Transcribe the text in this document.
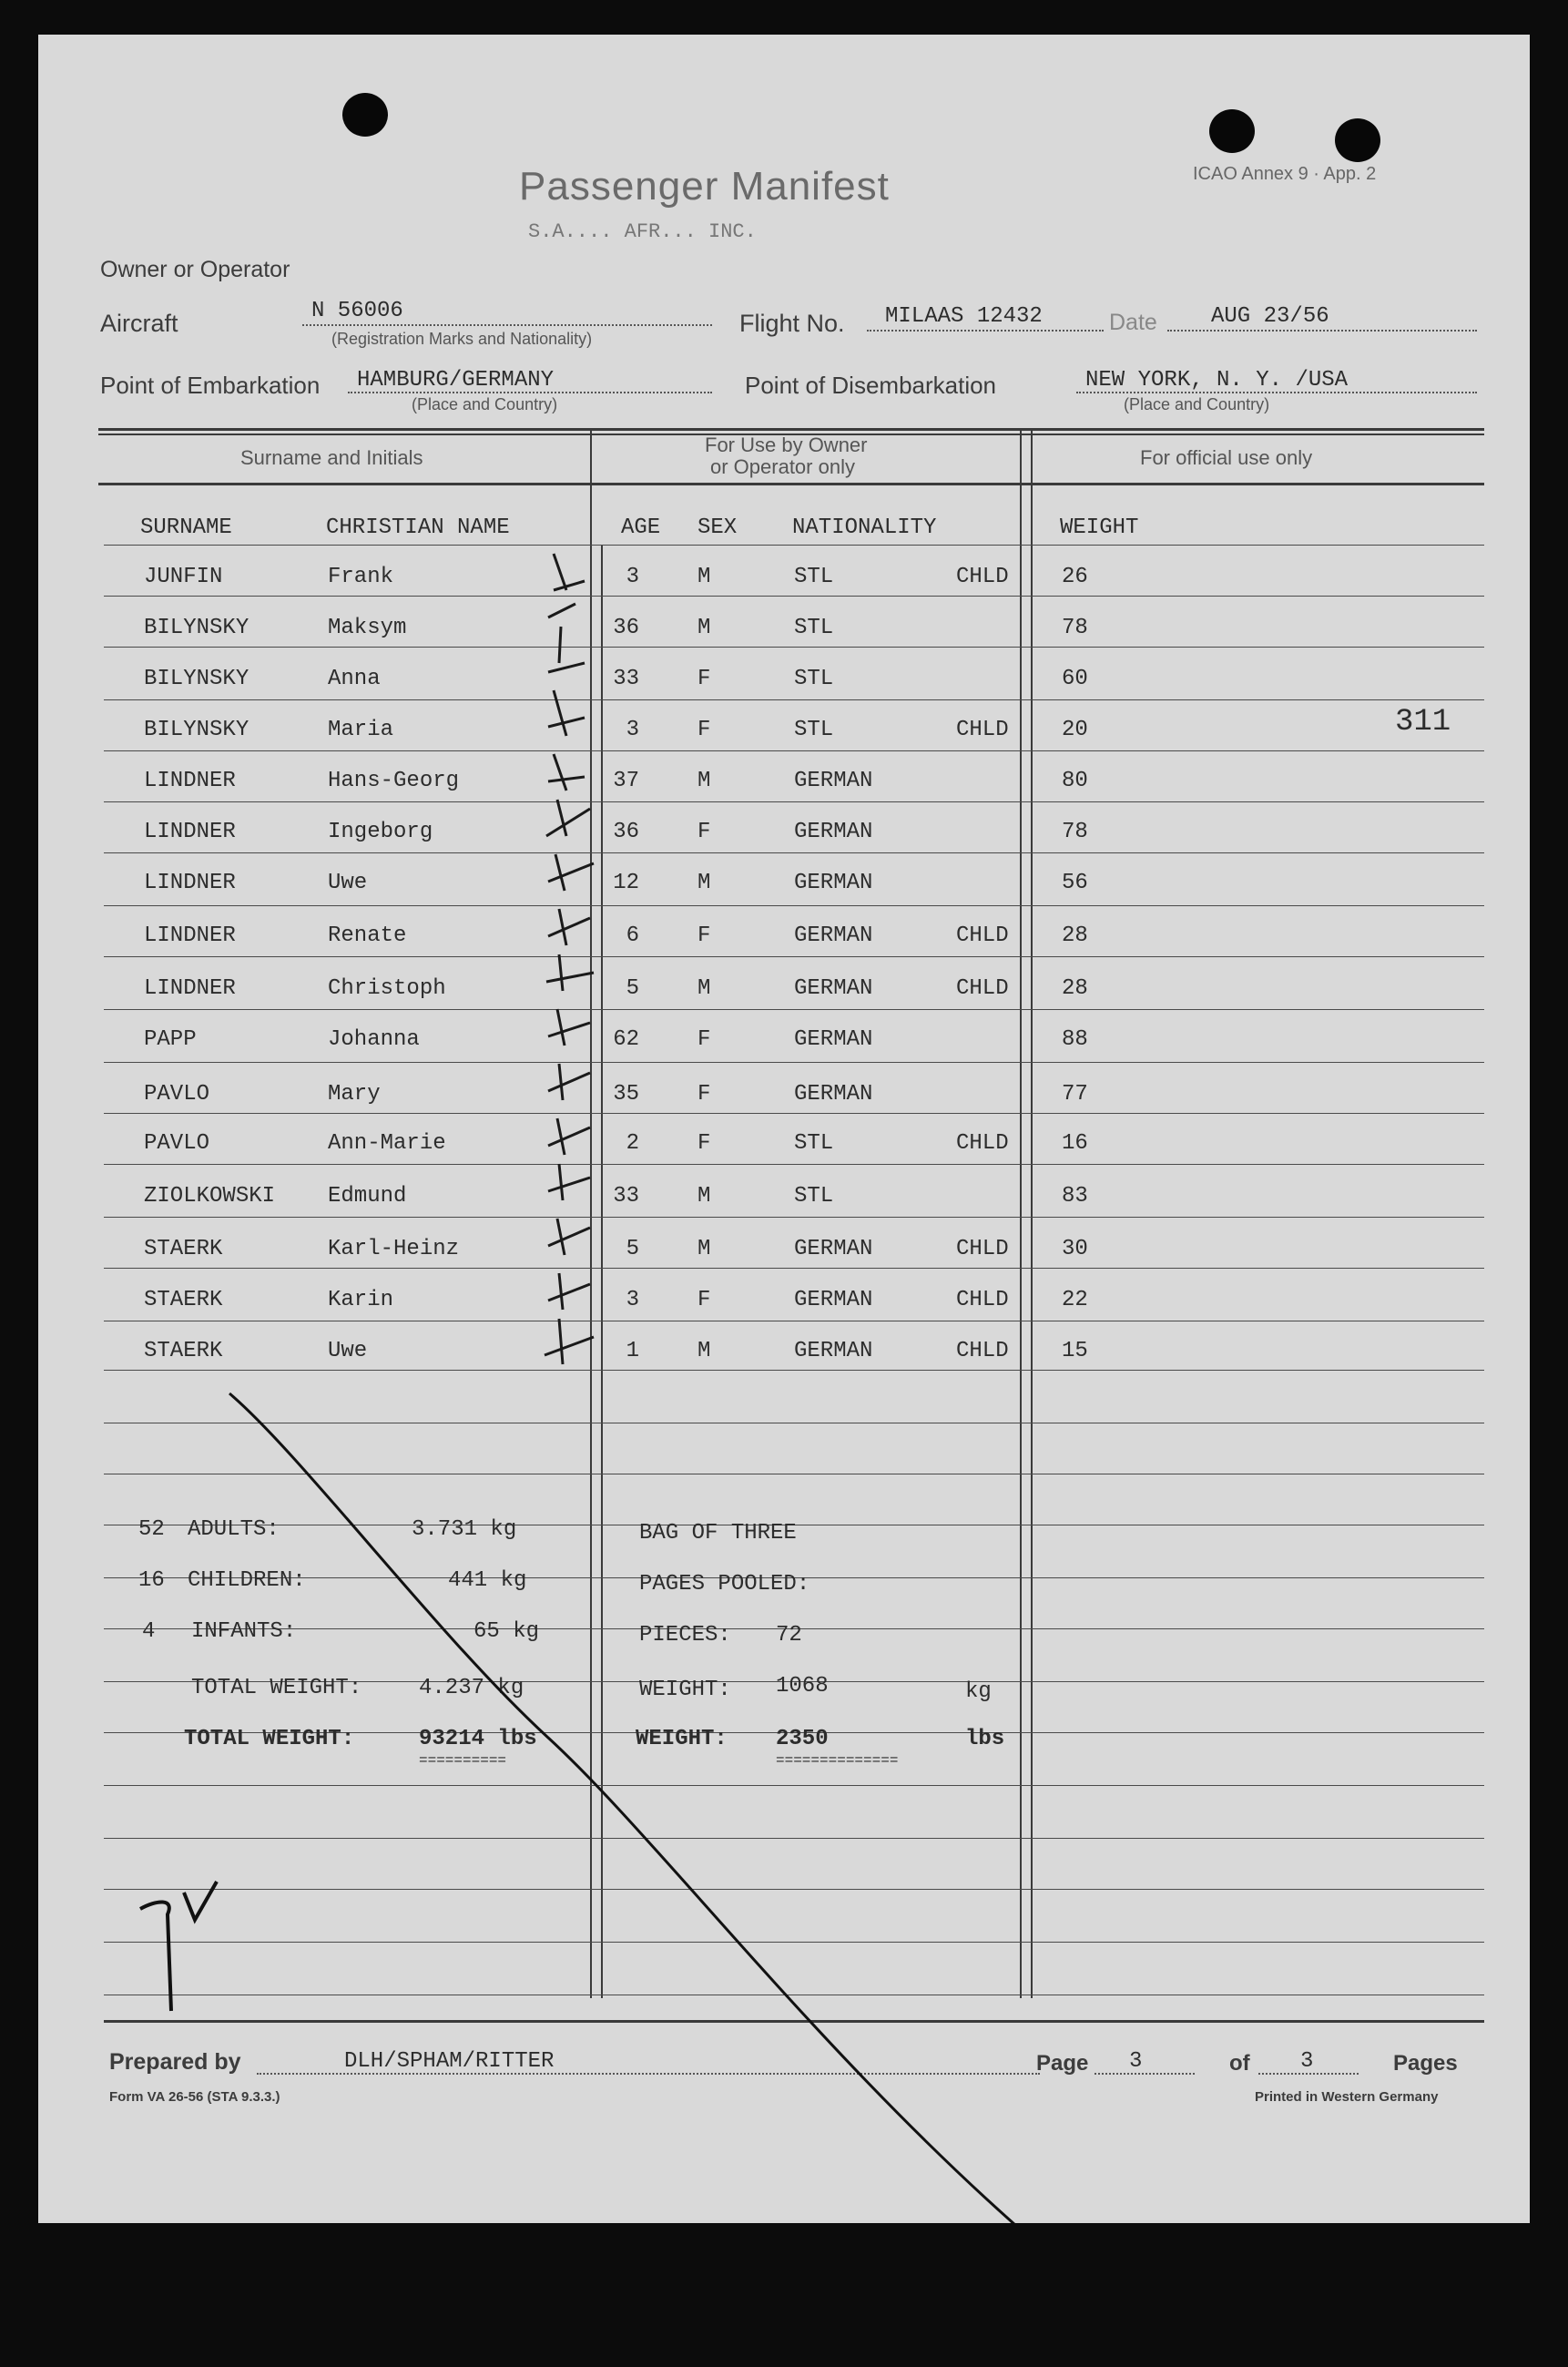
Passenger Manifest
S.A.... AFR... INC.
ICAO Annex 9 · App. 2
Owner or Operator
Aircraft	N 56006
(Registration Marks and Nationality)
Flight No. MILAAS 12432	Date AUG 23/56
Point of Embarkation HAMBURG/GERMANY
(Place and Country)
Point of Disembarkation	NEW YORK, N. Y. /USA
(Place and Country)
Surname and Initials
For Use by Owner
or Operator only	For official use only
SURNAME	CHRISTIAN NAME	AGE SEX	NATIONALITY	WEIGHT
JUNFIN	Frank	3	M	STL	CHLD 26
BILYNSKY	Maksym	36	M	STL	78
BILYNSKY	Anna	33	F	STL	60
BILYNSKY	Maria	3	F	STL	CHLD 20
LINDNER	Hans-Georg	37	M	GERMAN	80
LINDNER	Ingeborg	36	F	GERMAN	78
LINDNER	Uwe	12	M	GERMAN	56
LINDNER	Renate	6	F	GERMAN	CHLD 28
LINDNER	Christoph	5	M	GERMAN	CHLD 28
PAPP	Johanna	62	F	GERMAN	88
PAVLO	Mary	35	F	GERMAN	77
PAVLO	Ann-Marie	2	F	STL	CHLD 16
ZIOLKOWSKI Edmund	33	M	STL	83
STAERK	Karl-Heinz	5	M	GERMAN	CHLD 30
STAERK	Karin	3	F	GERMAN	CHLD 22
STAERK	Uwe	1	M	GERMAN	CHLD 15
311
52 ADULTS:	3.731 kg
16 CHILDREN:	441 kg
4 INFANTS:	65 kg
TOTAL WEIGHT:	4.237 kg
TOTAL WEIGHT:	93214 lbs
==========
BAG OF THREE
PAGES POOLED:
PIECES: 72
WEIGHT: 1068	kg
WEIGHT: 2350	lbs
==============
Prepared by	DLH/SPHAM/RITTER	Page 3	of 3	Pages
Form VA 26-56 (STA 9.3.3.)	Printed in Western Germany
